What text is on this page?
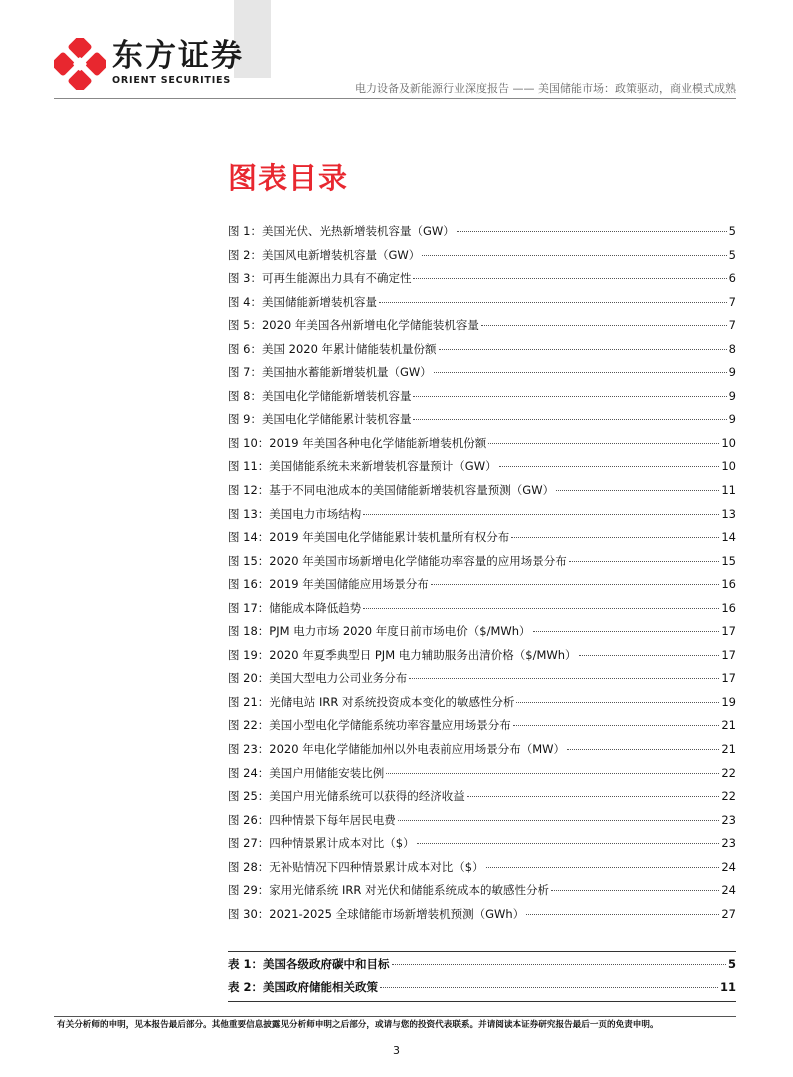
东方证券
ORIENT SECURITIES
电力设备及新能源行业深度报告 —— 美国储能市场：政策驱动，商业模式成熟
图表目录
图 1：美国光伏、光热新增装机容量（GW）	5
图 2：美国风电新增装机容量（GW）	5
图 3：可再生能源出力具有不确定性	6
图 4：美国储能新增装机容量	7
图 5：2020 年美国各州新增电化学储能装机容量	7
图 6：美国 2020 年累计储能装机量份额	8
图 7：美国抽水蓄能新增装机量（GW）	9
图 8：美国电化学储能新增装机容量	9
图 9：美国电化学储能累计装机容量	9
图 10：2019 年美国各种电化学储能新增装机份额	10
图 11：美国储能系统未来新增装机容量预计（GW）	10
图 12：基于不同电池成本的美国储能新增装机容量预测（GW）	11
图 13：美国电力市场结构	13
图 14：2019 年美国电化学储能累计装机量所有权分布	14
图 15：2020 年美国市场新增电化学储能功率容量的应用场景分布	15
图 16：2019 年美国储能应用场景分布	16
图 17：储能成本降低趋势	16
图 18：PJM 电力市场 2020 年度日前市场电价（$/MWh）	17
图 19：2020 年夏季典型日 PJM 电力辅助服务出清价格（$/MWh）	17
图 20：美国大型电力公司业务分布	17
图 21：光储电站 IRR 对系统投资成本变化的敏感性分析	19
图 22：美国小型电化学储能系统功率容量应用场景分布	21
图 23：2020 年电化学储能加州以外电表前应用场景分布（MW）	21
图 24：美国户用储能安装比例	22
图 25：美国户用光储系统可以获得的经济收益	22
图 26：四种情景下每年居民电费	23
图 27：四种情景累计成本对比（$）	23
图 28：无补贴情况下四种情景累计成本对比（$）	24
图 29：家用光储系统 IRR 对光伏和储能系统成本的敏感性分析	24
图 30：2021-2025 全球储能市场新增装机预测（GWh）	27
表 1：美国各级政府碳中和目标	5
表 2：美国政府储能相关政策	11
有关分析师的申明，见本报告最后部分。其他重要信息披露见分析师申明之后部分，或请与您的投资代表联系。并请阅读本证券研究报告最后一页的免责申明。
3
